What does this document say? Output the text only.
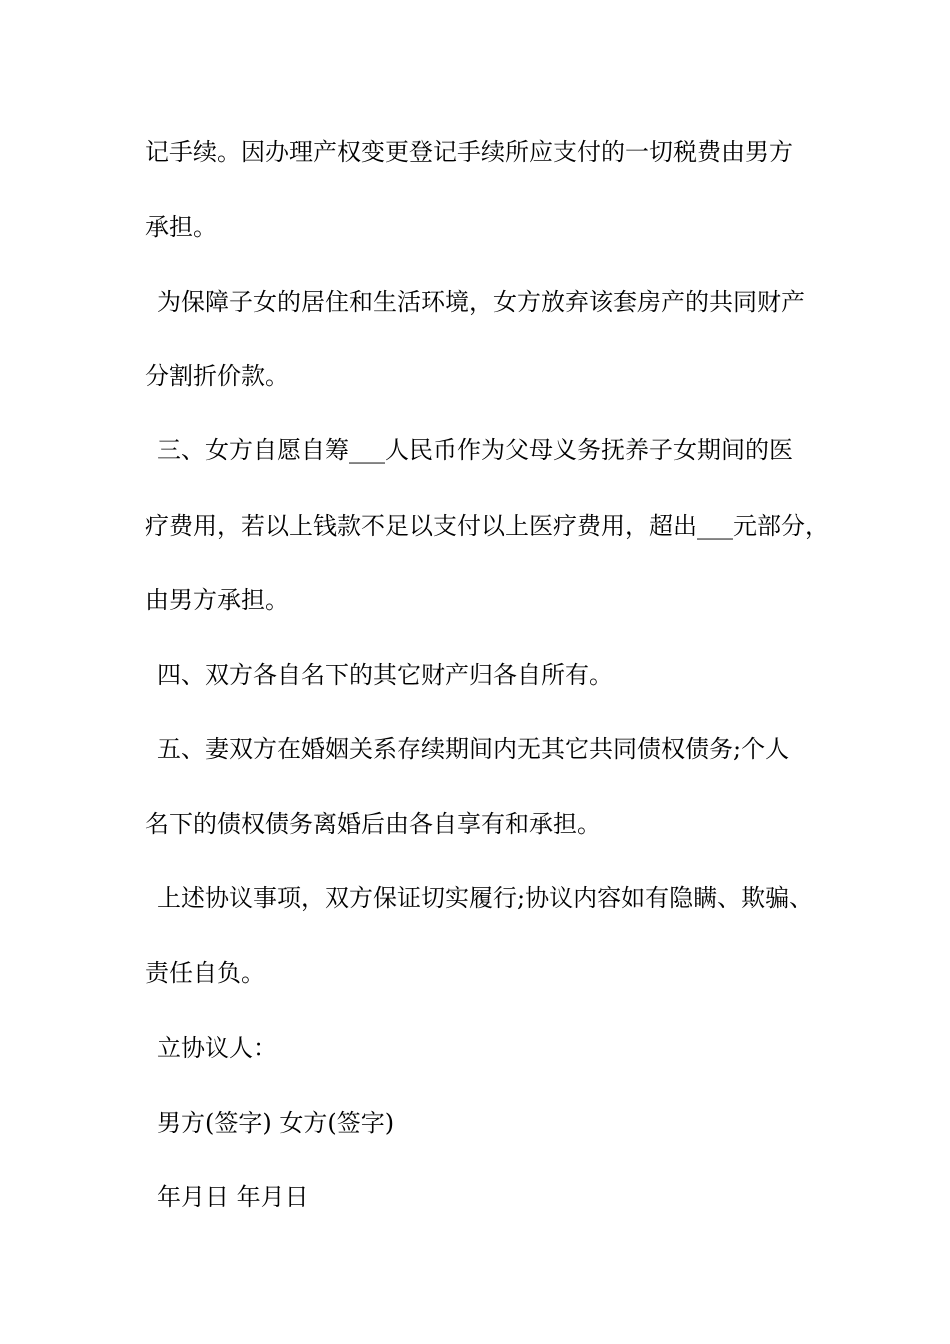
记手续。因办理产权变更登记手续所应支付的一切税费由男方
承担。
为保障子女的居住和生活环境，女方放弃该套房产的共同财产
分割折价款。
三、女方自愿自筹___人民币作为父母义务抚养子女期间的医
疗费用，若以上钱款不足以支付以上医疗费用，超出___元部分，
由男方承担。
四、双方各自名下的其它财产归各自所有。
五、妻双方在婚姻关系存续期间内无其它共同债权债务;个人
名下的债权债务离婚后由各自享有和承担。
上述协议事项，双方保证切实履行;协议内容如有隐瞒、欺骗、
责任自负。
立协议人：
男方(签字) 女方(签字)
年月日 年月日
